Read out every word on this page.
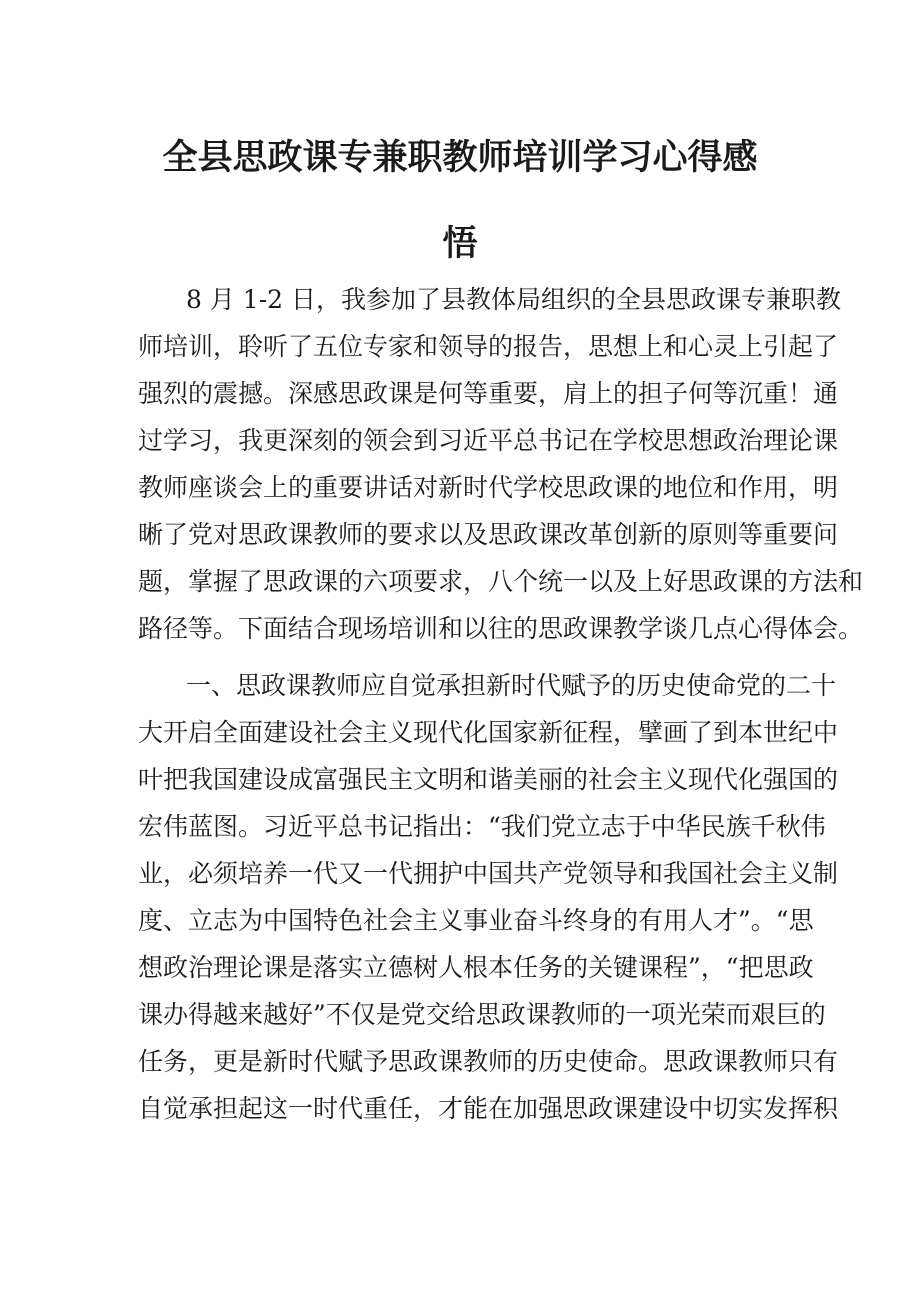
全县思政课专兼职教师培训学习心得感
悟
8 月 1-2 日，我参加了县教体局组织的全县思政课专兼职教
师培训，聆听了五位专家和领导的报告，思想上和心灵上引起了
强烈的震撼。深感思政课是何等重要，肩上的担子何等沉重！通
过学习，我更深刻的领会到习近平总书记在学校思想政治理论课
教师座谈会上的重要讲话对新时代学校思政课的地位和作用，明
晰了党对思政课教师的要求以及思政课改革创新的原则等重要问
题，掌握了思政课的六项要求，八个统一以及上好思政课的方法和
路径等。下面结合现场培训和以往的思政课教学谈几点心得体会。
一、思政课教师应自觉承担新时代赋予的历史使命党的二十
大开启全面建设社会主义现代化国家新征程，擘画了到本世纪中
叶把我国建设成富强民主文明和谐美丽的社会主义现代化强国的
宏伟蓝图。习近平总书记指出：“我们党立志于中华民族千秋伟
业，必须培养一代又一代拥护中国共产党领导和我国社会主义制
度、立志为中国特色社会主义事业奋斗终身的有用人才”。“思
想政治理论课是落实立德树人根本任务的关键课程”，“把思政
课办得越来越好”不仅是党交给思政课教师的一项光荣而艰巨的
任务，更是新时代赋予思政课教师的历史使命。思政课教师只有
自觉承担起这一时代重任，才能在加强思政课建设中切实发挥积
